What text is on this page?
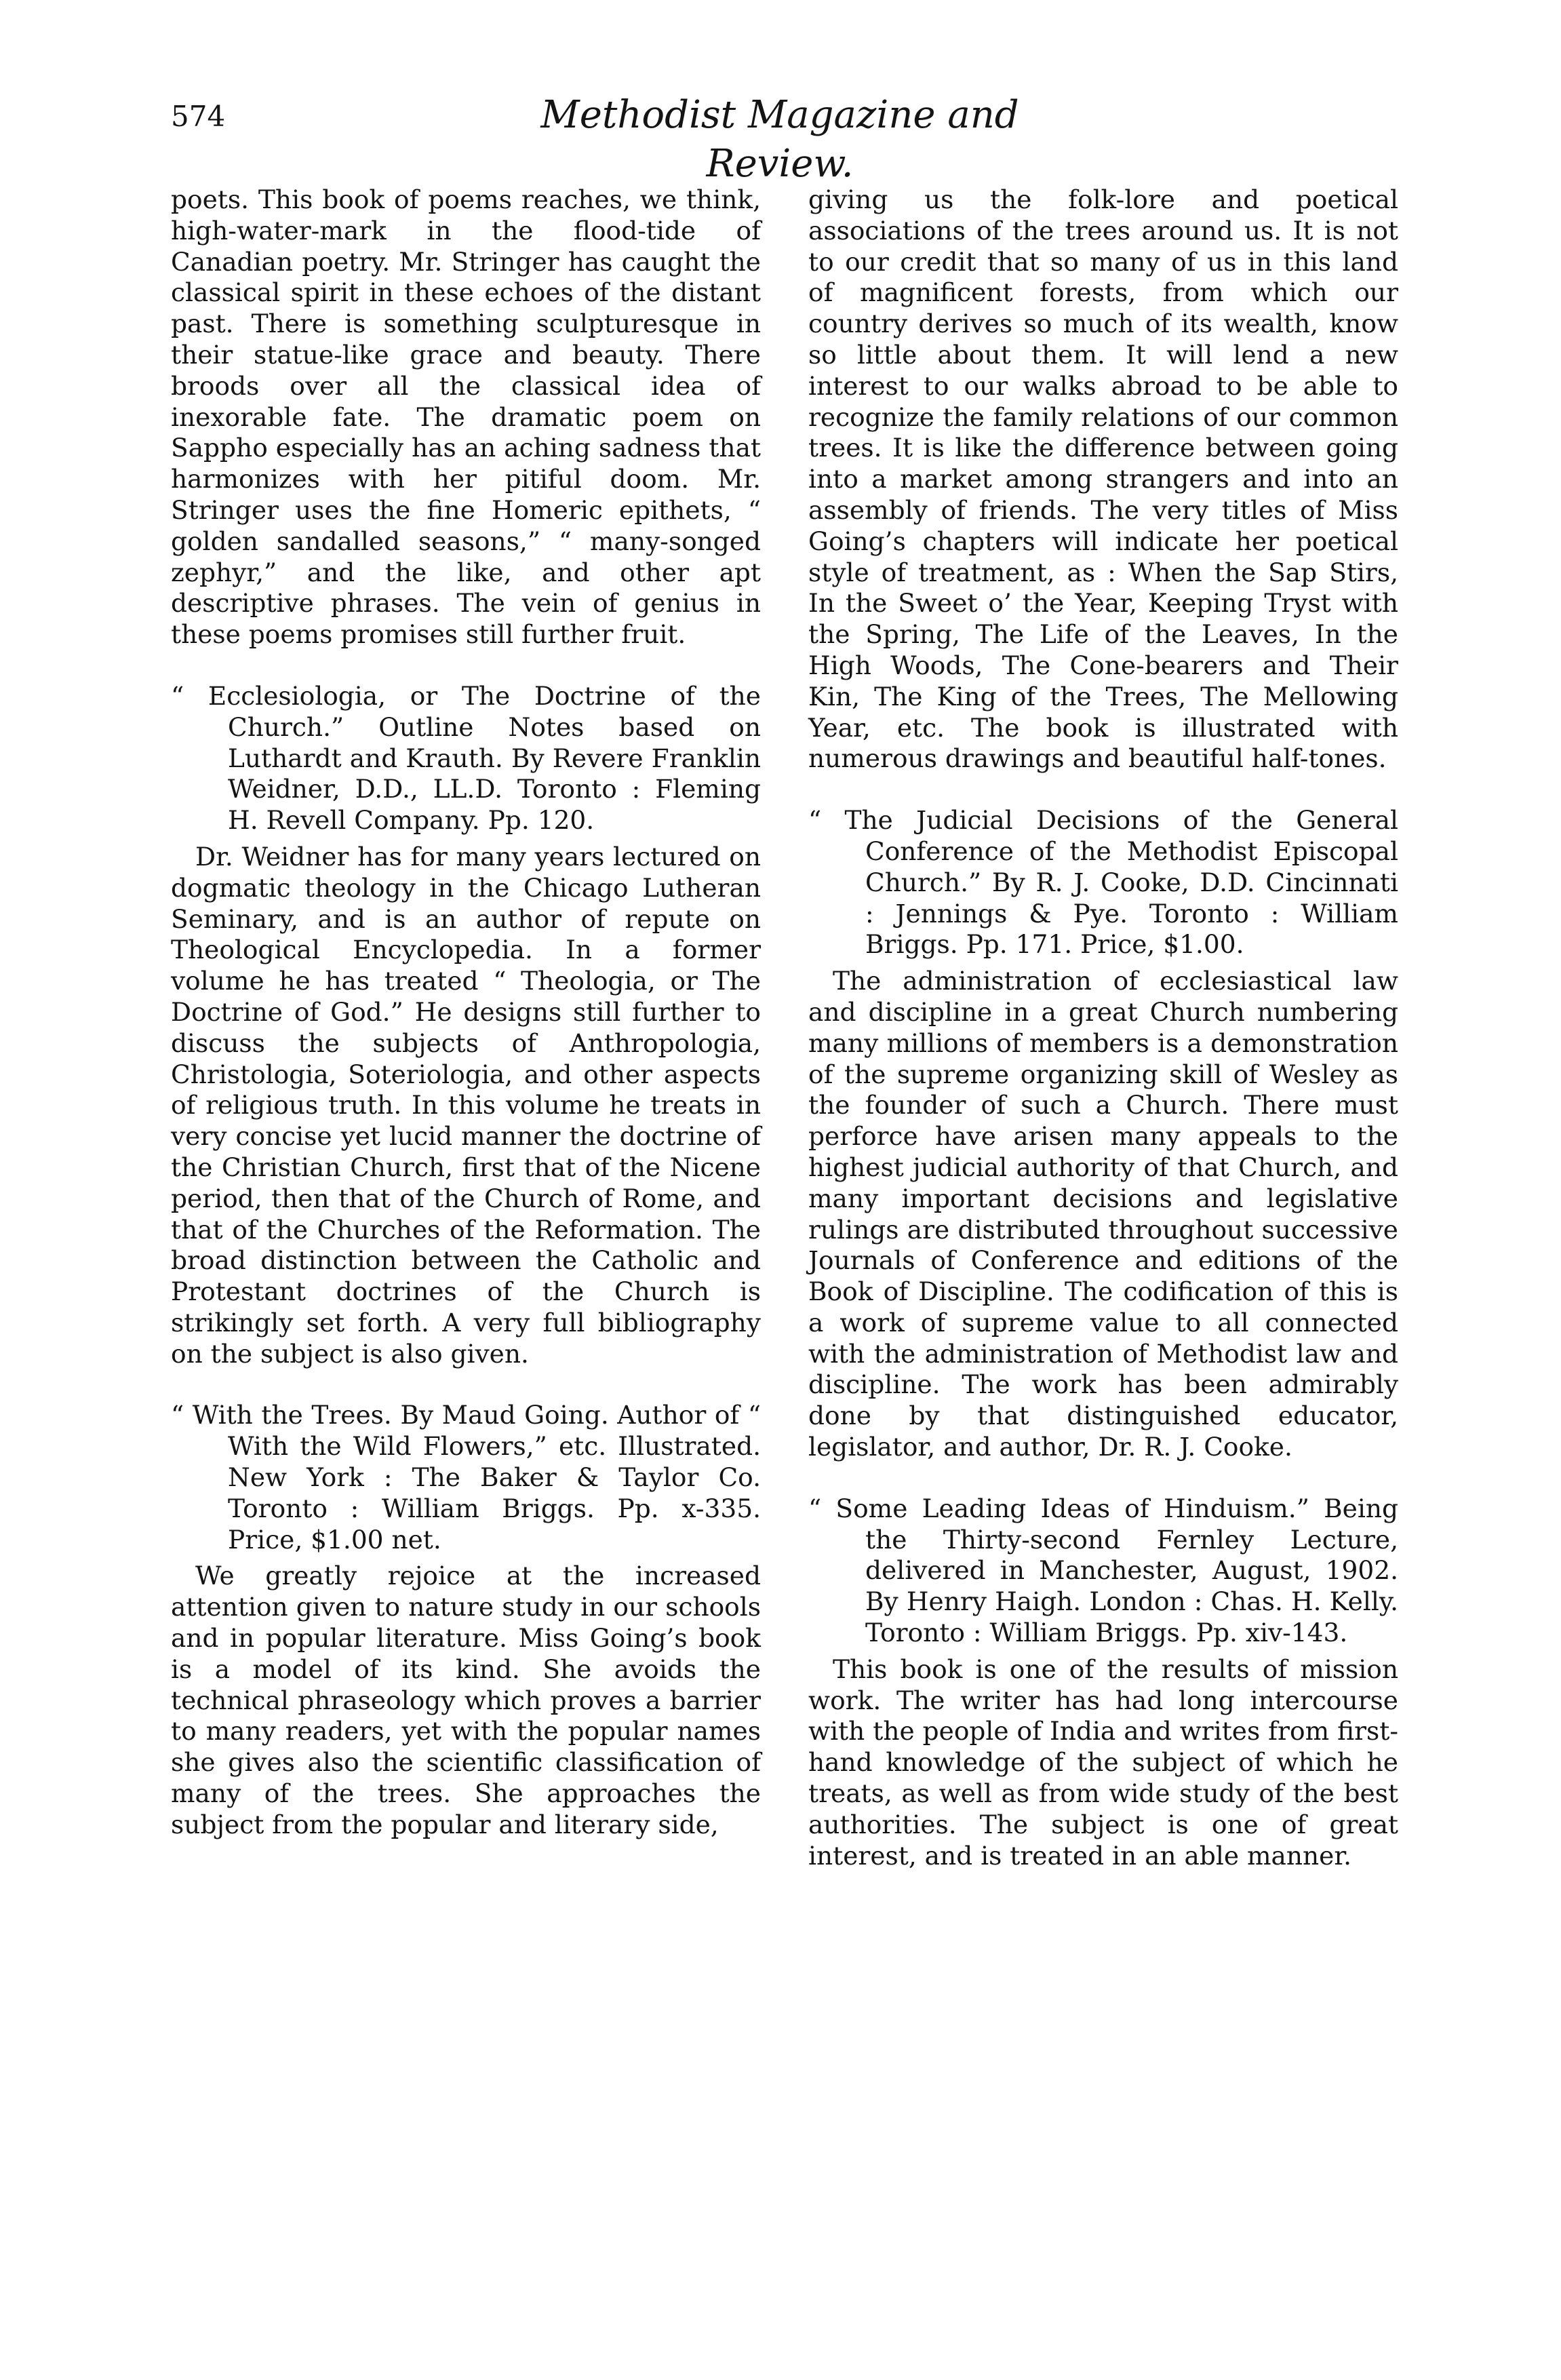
574	Methodist Magazine and Review.

poets. This book of poems reaches, we think, high-water-mark in the flood-tide of Canadian poetry. Mr. Stringer has caught the classical spirit in these echoes of the distant past. There is something sculpturesque in their statue-like grace and beauty. There broods over all the classical idea of inexorable fate. The dramatic poem on Sappho especially has an aching sadness that harmonizes with her pitiful doom. Mr. Stringer uses the fine Homeric epithets, “ golden sandalled seasons,” “ many-songed zephyr,” and the like, and other apt descriptive phrases. The vein of genius in these poems promises still further fruit.

“ Ecclesiologia, or The Doctrine of the Church.” Outline Notes based on Luthardt and Krauth. By Revere Franklin Weidner, D.D., LL.D. Toronto : Fleming H. Revell Company. Pp. 120.

Dr. Weidner has for many years lectured on dogmatic theology in the Chicago Lutheran Seminary, and is an author of repute on Theological Encyclopedia. In a former volume he has treated “ Theologia, or The Doctrine of God.” He designs still further to discuss the subjects of Anthropologia, Christologia, Soteriologia, and other aspects of religious truth. In this volume he treats in very concise yet lucid manner the doctrine of the Christian Church, first that of the Nicene period, then that of the Church of Rome, and that of the Churches of the Reformation. The broad distinction between the Catholic and Protestant doctrines of the Church is strikingly set forth. A very full bibliography on the subject is also given.

“ With the Trees. By Maud Going. Author of “ With the Wild Flowers,” etc. Illustrated. New York : The Baker & Taylor Co. Toronto : William Briggs. Pp. x-335. Price, $1.00 net.

We greatly rejoice at the increased attention given to nature study in our schools and in popular literature. Miss Going’s book is a model of its kind. She avoids the technical phraseology which proves a barrier to many readers, yet with the popular names she gives also the scientific classification of many of the trees. She approaches the subject from the popular and literary side,

giving us the folk-lore and poetical associations of the trees around us. It is not to our credit that so many of us in this land of magnificent forests, from which our country derives so much of its wealth, know so little about them. It will lend a new interest to our walks abroad to be able to recognize the family relations of our common trees. It is like the difference between going into a market among strangers and into an assembly of friends. The very titles of Miss Going’s chapters will indicate her poetical style of treatment, as : When the Sap Stirs, In the Sweet o’ the Year, Keeping Tryst with the Spring, The Life of the Leaves, In the High Woods, The Cone-bearers and Their Kin, The King of the Trees, The Mellowing Year, etc. The book is illustrated with numerous drawings and beautiful half-tones.

“ The Judicial Decisions of the General Conference of the Methodist Episcopal Church.” By R. J. Cooke, D.D. Cincinnati : Jennings & Pye. Toronto : William Briggs. Pp. 171. Price, $1.00.

The administration of ecclesiastical law and discipline in a great Church numbering many millions of members is a demonstration of the supreme organizing skill of Wesley as the founder of such a Church. There must perforce have arisen many appeals to the highest judicial authority of that Church, and many important decisions and legislative rulings are distributed throughout successive Journals of Conference and editions of the Book of Discipline. The codification of this is a work of supreme value to all connected with the administration of Methodist law and discipline. The work has been admirably done by that distinguished educator, legislator, and author, Dr. R. J. Cooke.

“ Some Leading Ideas of Hinduism.” Being the Thirty-second Fernley Lecture, delivered in Manchester, August, 1902. By Henry Haigh. London : Chas. H. Kelly. Toronto : William Briggs. Pp. xiv-143.

This book is one of the results of mission work. The writer has had long intercourse with the people of India and writes from first-hand knowledge of the subject of which he treats, as well as from wide study of the best authorities. The subject is one of great interest, and is treated in an able manner.
